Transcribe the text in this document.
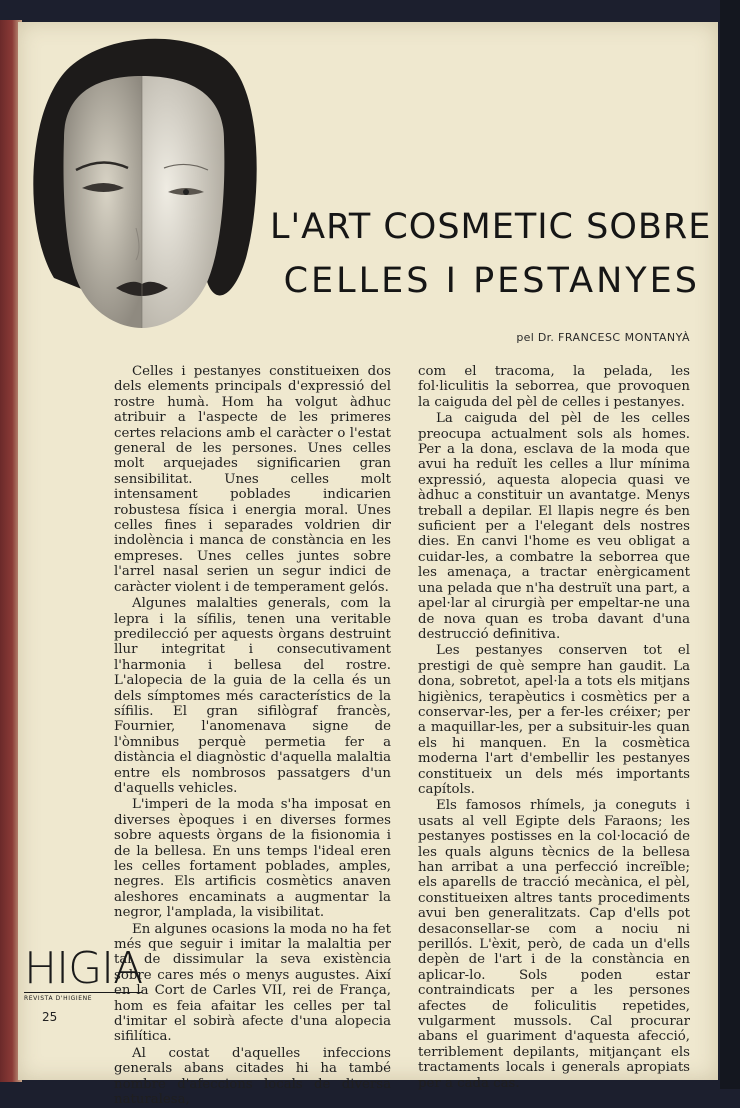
L'ART COSMETIC SOBRE
CELLES I PESTANYES
pel Dr. FRANCESC MONTANYÀ

Celles i pestanyes constitueixen dos dels elements principals d'expressió del rostre humà. Hom ha volgut àdhuc atribuir a l'aspecte de les primeres certes relacions amb el caràcter o l'estat general de les persones. Unes celles molt arquejades significarien gran sensibilitat. Unes celles molt intensament poblades indicarien robustesa física i energia moral. Unes celles fines i separades voldrien dir indolència i manca de constància en les empreses. Unes celles juntes sobre l'arrel nasal serien un segur indici de caràcter violent i de temperament gelós.

Algunes malalties generals, com la lepra i la sífilis, tenen una veritable predilecció per aquests òrgans destruint llur integritat i consecutivament l'harmonia i bellesa del rostre. L'alopecia de la guia de la cella és un dels símptomes més característics de la sífilis. El gran sifilògraf francès, Fournier, l'anomenava signe de l'òmnibus perquè permetia fer a distància el diagnòstic d'aquella malaltia entre els nombrosos passatgers d'un d'aquells vehicles.

L'imperi de la moda s'ha imposat en diverses èpoques i en diverses formes sobre aquests òrgans de la fisionomia i de la bellesa. En uns temps l'ideal eren les celles fortament poblades, amples, negres. Els artificis cosmètics anaven aleshores encaminats a augmentar la negror, l'amplada, la visibilitat.

En algunes ocasions la moda no ha fet més que seguir i imitar la malaltia per tal de dissimular la seva existència sobre cares més o menys augustes. Així en la Cort de Carles VII, rei de França, hom es feia afaitar les celles per tal d'imitar el sobirà afecte d'una alopecia sifilítica.

Al costat d'aquelles infeccions generals abans citades hi ha també nombre d'afeccions locals de diversa naturalesa,

com el tracoma, la pelada, les fol·liculitis la seborrea, que provoquen la caiguda del pèl de celles i pestanyes.

La caiguda del pèl de les celles preocupa actualment sols als homes. Per a la dona, esclava de la moda que avui ha reduït les celles a llur mínima expressió, aquesta alopecia quasi ve àdhuc a constituir un avantatge. Menys treball a depilar. El llapis negre és ben suficient per a l'elegant dels nostres dies. En canvi l'home es veu obligat a cuidar-les, a combatre la seborrea que les amenaça, a tractar enèrgicament una pelada que n'ha destruït una part, a apel·lar al cirurgià per empeltar-ne una de nova quan es troba davant d'una destrucció definitiva.

Les pestanyes conserven tot el prestigi de què sempre han gaudit. La dona, sobretot, apel·la a tots els mitjans higiènics, terapèutics i cosmètics per a conservar-les, per a fer-les créixer; per a maquillar-les, per a subsituir-les quan els hi manquen. En la cosmètica moderna l'art d'embellir les pestanyes constitueix un dels més importants capítols.

Els famosos rhímels, ja coneguts i usats al vell Egipte dels Faraons; les pestanyes postisses en la col·locació de les quals alguns tècnics de la bellesa han arribat a una perfecció increïble; els aparells de tracció mecànica, el pèl, constitueixen altres tants procediments avui ben generalitzats. Cap d'ells pot desaconsellar-se com a nociu ni perillós. L'èxit, però, de cada un d'ells depèn de l'art i de la constància en aplicar-lo. Sols poden estar contraindicats per a les persones afectes de foliculitis repetides, vulgarment mussols. Cal procurar abans el guariment d'aquesta afecció, terriblement depilants, mitjançant els tractaments locals i generals apropiats per a cada cas.

HIGIA
REVISTA D'HIGIENE
25
